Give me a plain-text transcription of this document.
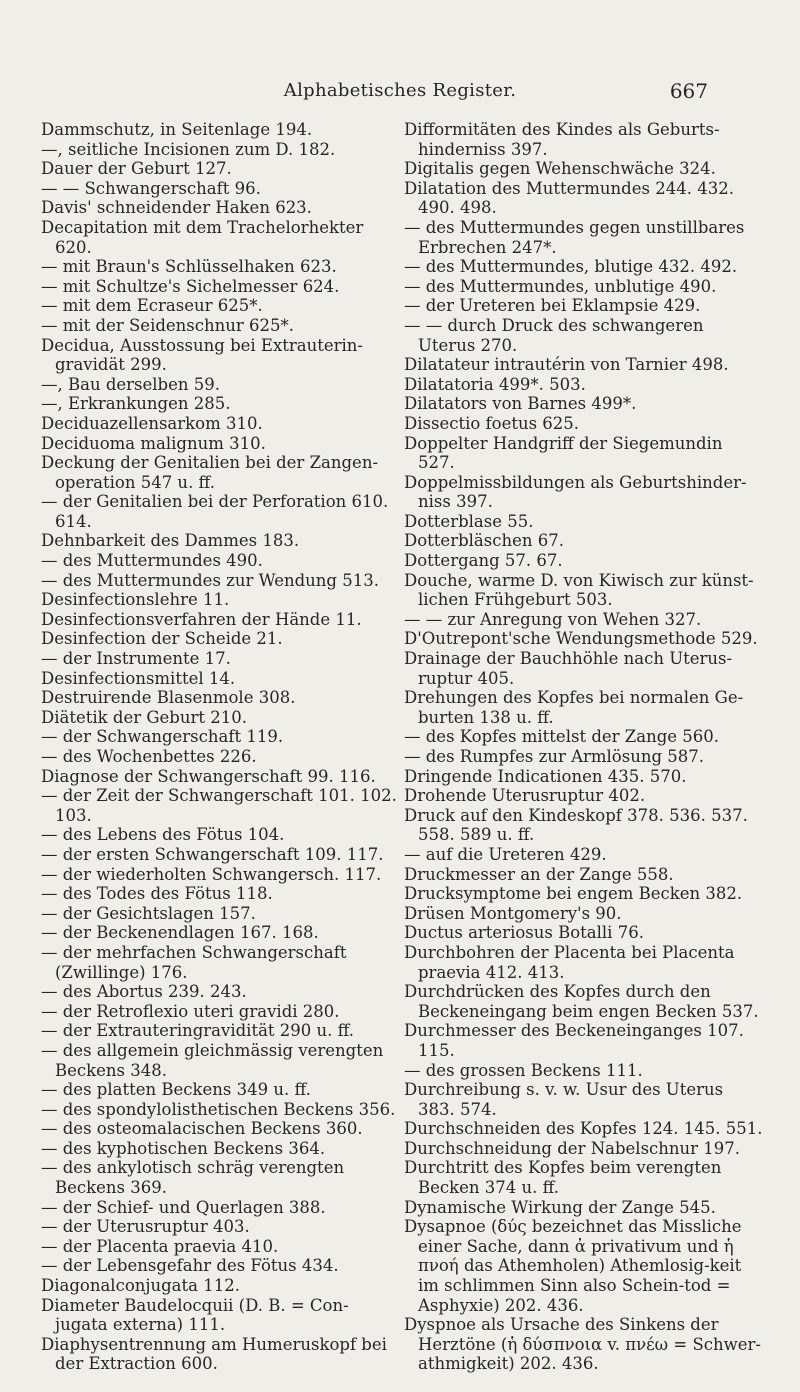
Alphabetisches Register.	667
Dammschutz, in Seitenlage 194.
—, seitliche Incisionen zum D. 182.
Dauer der Geburt 127.
— — Schwangerschaft 96.
Davis' schneidender Haken 623.
Decapitation mit dem Trachelorhekter 620.
— mit Braun's Schlüsselhaken 623.
— mit Schultze's Sichelmesser 624.
— mit dem Ecraseur 625*.
— mit der Seidenschnur 625*.
Decidua, Ausstossung bei Extrauterin-gravidät 299.
—, Bau derselben 59.
—, Erkrankungen 285.
Deciduazellensarkom 310.
Deciduoma malignum 310.
Deckung der Genitalien bei der Zangen-operation 547 u. ff.
— der Genitalien bei der Perforation 610. 614.
Dehnbarkeit des Dammes 183.
— des Muttermundes 490.
— des Muttermundes zur Wendung 513.
Desinfectionslehre 11.
Desinfectionsverfahren der Hände 11.
Desinfection der Scheide 21.
— der Instrumente 17.
Desinfectionsmittel 14.
Destruirende Blasenmole 308.
Diätetik der Geburt 210.
— der Schwangerschaft 119.
— des Wochenbettes 226.
Diagnose der Schwangerschaft 99. 116.
— der Zeit der Schwangerschaft 101. 102. 103.
— des Lebens des Fötus 104.
— der ersten Schwangerschaft 109. 117.
— der wiederholten Schwangersch. 117.
— des Todes des Fötus 118.
— der Gesichtslagen 157.
— der Beckenendlagen 167. 168.
— der mehrfachen Schwangerschaft (Zwillinge) 176.
— des Abortus 239. 243.
— der Retroflexio uteri gravidi 280.
— der Extrauteringravidität 290 u. ff.
— des allgemein gleichmässig verengten Beckens 348.
— des platten Beckens 349 u. ff.
— des spondylolisthetischen Beckens 356.
— des osteomalacischen Beckens 360.
— des kyphotischen Beckens 364.
— des ankylotisch schräg verengten Beckens 369.
— der Schief- und Querlagen 388.
— der Uterusruptur 403.
— der Placenta praevia 410.
— der Lebensgefahr des Fötus 434.
Diagonalconjugata 112.
Diameter Baudelocquii (D. B. = Con-jugata externa) 111.
Diaphysentrennung am Humeruskopf bei der Extraction 600.
Difformitäten des Kindes als Geburts-hinderniss 397.
Digitalis gegen Wehenschwäche 324.
Dilatation des Muttermundes 244. 432. 490. 498.
— des Muttermundes gegen unstillbares Erbrechen 247*.
— des Muttermundes, blutige 432. 492.
— des Muttermundes, unblutige 490.
— der Ureteren bei Eklampsie 429.
— — durch Druck des schwangeren Uterus 270.
Dilatateur intrautérin von Tarnier 498.
Dilatatoria 499*. 503.
Dilatators von Barnes 499*.
Dissectio foetus 625.
Doppelter Handgriff der Siegemundin 527.
Doppelmissbildungen als Geburtshinder-niss 397.
Dotterblase 55.
Dotterbläschen 67.
Dottergang 57. 67.
Douche, warme D. von Kiwisch zur künst-lichen Frühgeburt 503.
— — zur Anregung von Wehen 327.
D'Outrepont'sche Wendungsmethode 529.
Drainage der Bauchhöhle nach Uterus-ruptur 405.
Drehungen des Kopfes bei normalen Ge-burten 138 u. ff.
— des Kopfes mittelst der Zange 560.
— des Rumpfes zur Armlösung 587.
Dringende Indicationen 435. 570.
Drohende Uterusruptur 402.
Druck auf den Kindeskopf 378. 536. 537. 558. 589 u. ff.
— auf die Ureteren 429.
Druckmesser an der Zange 558.
Drucksymptome bei engem Becken 382.
Drüsen Montgomery's 90.
Ductus arteriosus Botalli 76.
Durchbohren der Placenta bei Placenta praevia 412. 413.
Durchdrücken des Kopfes durch den Beckeneingang beim engen Becken 537.
Durchmesser des Beckeneinganges 107. 115.
— des grossen Beckens 111.
Durchreibung s. v. w. Usur des Uterus 383. 574.
Durchschneiden des Kopfes 124. 145. 551.
Durchschneidung der Nabelschnur 197.
Durchtritt des Kopfes beim verengten Becken 374 u. ff.
Dynamische Wirkung der Zange 545.
Dysapnoe (δύς bezeichnet das Missliche einer Sache, dann ἀ privativum und ἡ πνοή das Athemholen) Athemlosig-keit im schlimmen Sinn also Schein-tod = Asphyxie) 202. 436.
Dyspnoe als Ursache des Sinkens der Herztöne (ἡ δύσπνοια v. πνέω = Schwer-athmigkeit) 202. 436.
